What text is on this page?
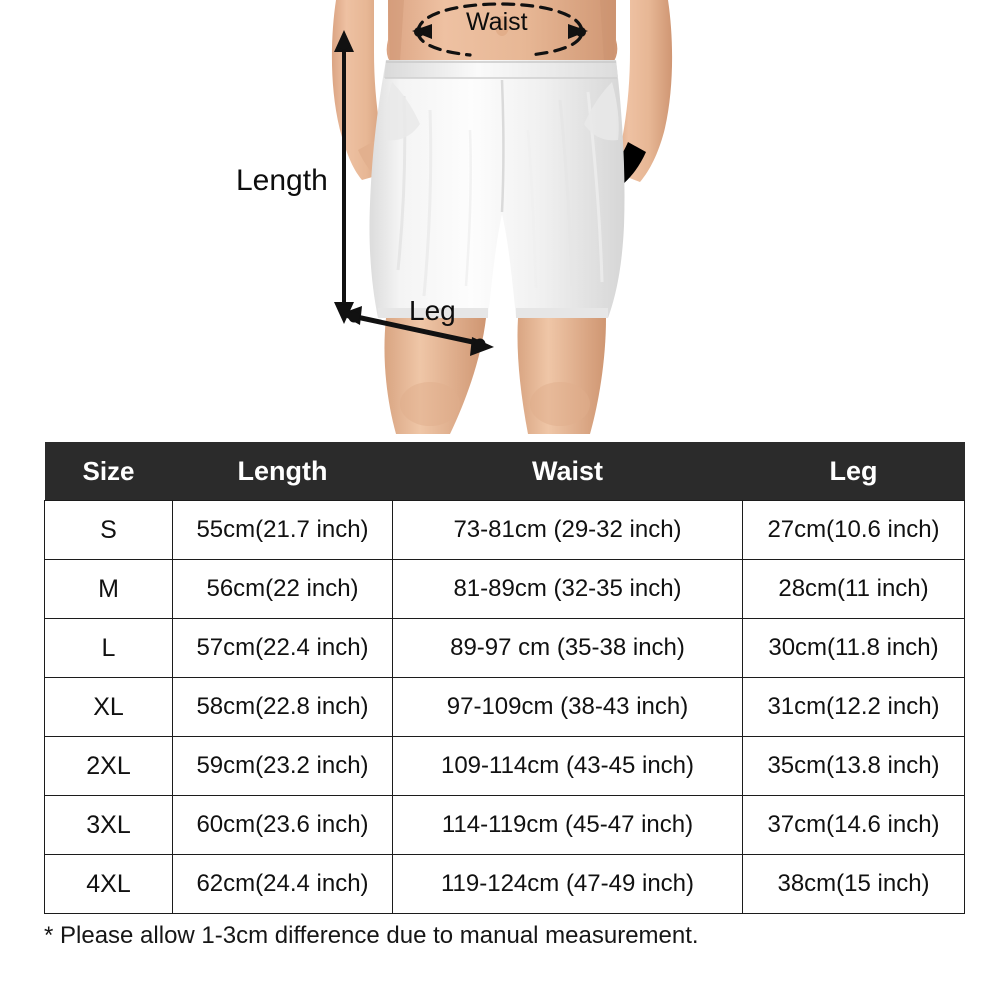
Waist
Length
Leg
Size	Length	Waist	Leg
S	55cm(21.7 inch)	73-81cm (29-32 inch)	27cm(10.6 inch)
M	56cm(22 inch)	81-89cm (32-35 inch)	28cm(11 inch)
L	57cm(22.4 inch)	89-97 cm (35-38 inch)	30cm(11.8 inch)
XL	58cm(22.8 inch)	97-109cm (38-43 inch)	31cm(12.2 inch)
2XL	59cm(23.2 inch)	109-114cm (43-45 inch)	35cm(13.8 inch)
3XL	60cm(23.6 inch)	114-119cm (45-47 inch)	37cm(14.6 inch)
4XL	62cm(24.4 inch)	119-124cm (47-49 inch)	38cm(15 inch)
* Please allow 1-3cm difference due to manual measurement.
